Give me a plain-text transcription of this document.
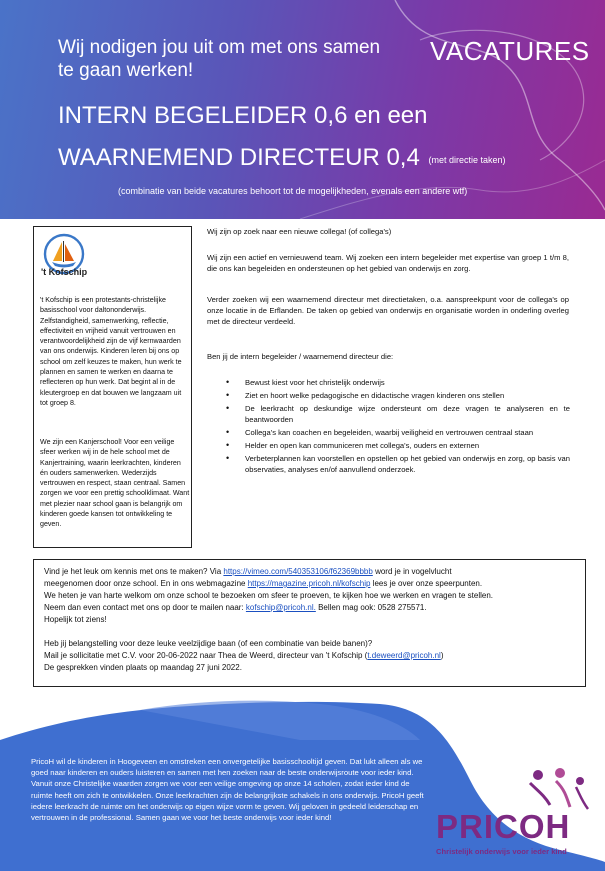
Wij nodigen jou uit om met ons samen te gaan werken!
VACATURES
INTERN BEGELEIDER 0,6 en een
WAARNEMEND DIRECTEUR 0,4 (met directie taken)
(combinatie van beide vacatures behoort tot de mogelijkheden, evenals een andere wtf)
't Kofschip
't Kofschip is een protestants-christelijke basisschool voor daltononderwijs. Zelfstandigheid, samenwerking, reflectie, effectiviteit en vrijheid vanuit vertrouwen en verantwoordelijkheid zijn de vijf kernwaarden van ons onderwijs. Kinderen leren bij ons op school om zelf keuzes te maken, hun werk te plannen en samen te werken en daarna te reflecteren op hun werk. Dat begint al in de kleutergroep en dat bouwen we langzaam uit tot groep 8.
We zijn een Kanjerschool! Voor een veilige sfeer werken wij in de hele school met de Kanjertraining, waarin leerkrachten, kinderen én ouders samenwerken. Wederzijds vertrouwen en respect, staan centraal. Samen zorgen we voor een prettig schoolklimaat. Want met plezier naar school gaan is belangrijk om kinderen goede kansen tot ontwikkeling te geven.
Wij zijn op zoek naar een nieuwe collega! (of collega's)
Wij zijn een actief en vernieuwend team. Wij zoeken een intern begeleider met expertise van groep 1 t/m 8, die ons kan begeleiden en ondersteunen op het gebied van onderwijs en zorg.
Verder zoeken wij een waarnemend directeur met directietaken, o.a. aanspreekpunt voor de collega's op onze locatie in de Erflanden. De taken op gebied van onderwijs en organisatie worden in onderling overleg met de directeur verdeeld.
Ben jij de intern begeleider / waarnemend directeur die:
• Bewust kiest voor het christelijk onderwijs
• Ziet en hoort welke pedagogische en didactische vragen kinderen ons stellen
• De leerkracht op deskundige wijze ondersteunt om deze vragen te analyseren en te beantwoorden
• Collega's kan coachen en begeleiden, waarbij veiligheid en vertrouwen centraal staan
• Helder en open kan communiceren met collega's, ouders en externen
• Verbeterplannen kan voorstellen en opstellen op het gebied van onderwijs en zorg, op basis van observaties, analyses en/of aanvullend onderzoek.
Vind je het leuk om kennis met ons te maken? Via https://vimeo.com/540353106/f62369bbbb word je in vogelvlucht
meegenomen door onze school. En in ons webmagazine https://magazine.pricoh.nl/kofschip lees je over onze speerpunten.
We heten je van harte welkom om onze school te bezoeken om sfeer te proeven, te kijken hoe we werken en vragen te stellen.
Neem dan even contact met ons op door te mailen naar: kofschip@pricoh.nl. Bellen mag ook: 0528 275571.
Hopelijk tot ziens!
Heb jij belangstelling voor deze leuke veelzijdige baan (of een combinatie van beide banen)?
Mail je sollicitatie met C.V. voor 20-06-2022 naar Thea de Weerd, directeur van 't Kofschip (t.deweerd@pricoh.nl)
De gesprekken vinden plaats op maandag 27 juni 2022.
PricoH wil de kinderen in Hoogeveen en omstreken een onvergetelijke basisschooltijd geven. Dat lukt alleen als we goed naar kinderen en ouders luisteren en samen met hen zoeken naar de beste onderwijsroute voor ieder kind. Vanuit onze Christelijke waarden zorgen we voor een veilige omgeving op onze 14 scholen, zodat ieder kind de ruimte heeft om zich te ontwikkelen. Onze leerkrachten zijn de belangrijkste schakels in ons onderwijs. PricoH geeft iedere leerkracht de ruimte om het onderwijs op eigen wijze vorm te geven. Wij geloven in gedeeld leiderschap en vertrouwen in de professional. Samen gaan we voor het beste onderwijs voor ieder kind!	PRICOH
Christelijk onderwijs voor ieder kind
